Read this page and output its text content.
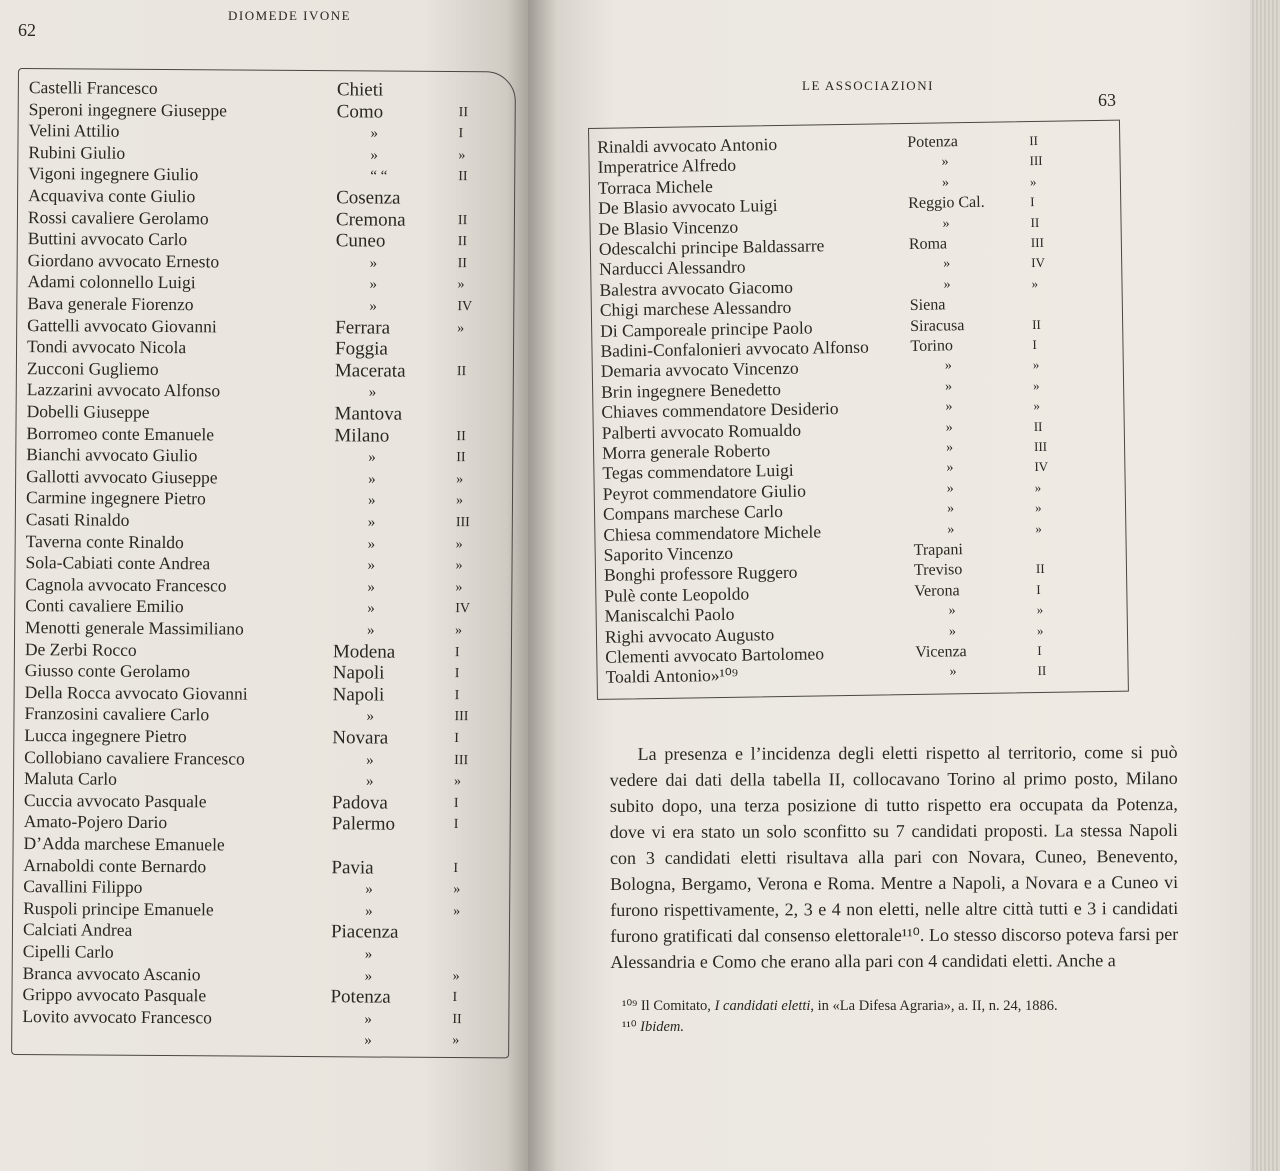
62
DIOMEDE IVONE
Castelli Francesco	Chieti
Speroni ingegnere Giuseppe	Como	II
Velini Attilio	»	I
Rubini Giulio	»	»
Vigoni ingegnere Giulio	“ “	II
Acquaviva conte Giulio	Cosenza
Rossi cavaliere Gerolamo	Cremona	II
Buttini avvocato Carlo	Cuneo	II
Giordano avvocato Ernesto	»	II
Adami colonnello Luigi	»	»
Bava generale Fiorenzo	»	IV
Gattelli avvocato Giovanni	Ferrara	»
Tondi avvocato Nicola	Foggia
Zucconi Gugliemo	Macerata	II
Lazzarini avvocato Alfonso	»
Dobelli Giuseppe	Mantova
Borromeo conte Emanuele	Milano	II
Bianchi avvocato Giulio	»	II
Gallotti avvocato Giuseppe	»	»
Carmine ingegnere Pietro	»	»
Casati Rinaldo	»	III
Taverna conte Rinaldo	»	»
Sola-Cabiati conte Andrea	»	»
Cagnola avvocato Francesco	»	»
Conti cavaliere Emilio	»	IV
Menotti generale Massimiliano	»	»
De Zerbi Rocco	Modena	I
Giusso conte Gerolamo	Napoli	I
Della Rocca avvocato Giovanni	Napoli	I
Franzosini cavaliere Carlo	»	III
Lucca ingegnere Pietro	Novara	I
Collobiano cavaliere Francesco	»	III
Maluta Carlo	»	»
Cuccia avvocato Pasquale	Padova	I
Amato-Pojero Dario	Palermo	I
D’Adda marchese Emanuele
Arnaboldi conte Bernardo	Pavia	I
Cavallini Filippo	»	»
Ruspoli principe Emanuele	»	»
Calciati Andrea	Piacenza
Cipelli Carlo	»
Branca avvocato Ascanio	»	»
Grippo avvocato Pasquale	Potenza	I
Lovito avvocato Francesco	»	II
»	»
LE ASSOCIAZIONI
63
Rinaldi avvocato Antonio	Potenza	II
Imperatrice Alfredo	»	III
Torraca Michele	»	»
De Blasio avvocato Luigi	Reggio Cal.	I
De Blasio Vincenzo	»	II
Odescalchi principe Baldassarre	Roma	III
Narducci Alessandro	»	IV
Balestra avvocato Giacomo	»	»
Chigi marchese Alessandro	Siena
Di Camporeale principe Paolo	Siracusa	II
Badini-Confalonieri avvocato Alfonso	Torino	I
Demaria avvocato Vincenzo	»	»
Brin ingegnere Benedetto	»	»
Chiaves commendatore Desiderio	»	»
Palberti avvocato Romualdo	»	II
Morra generale Roberto	»	III
Tegas commendatore Luigi	»	IV
Peyrot commendatore Giulio	»	»
Compans marchese Carlo	»	»
Chiesa commendatore Michele	»	»
Saporito Vincenzo	Trapani
Bonghi professore Ruggero	Treviso	II
Pulè conte Leopoldo	Verona	I
Maniscalchi Paolo	»	»
Righi avvocato Augusto	»	»
Clementi avvocato Bartolomeo	Vicenza	I
Toaldi Antonio»¹⁰⁹	»	II

La presenza e l’incidenza degli eletti rispetto al territorio, come si può vedere dai dati della tabella II, collocavano Torino al primo posto, Milano subito dopo, una terza posizione di tutto rispetto era occupata da Potenza, dove vi era stato un solo sconfitto su 7 candidati proposti. La stessa Napoli con 3 candidati eletti risultava alla pari con Novara, Cuneo, Benevento, Bologna, Bergamo, Verona e Roma. Mentre a Napoli, a Novara e a Cuneo vi furono rispettivamente, 2, 3 e 4 non eletti, nelle altre città tutti e 3 i candidati furono gratificati dal consenso elettorale¹¹⁰. Lo stesso discorso poteva farsi per Alessandria e Como che erano alla pari con 4 candidati eletti. Anche a

¹⁰⁹ Il Comitato, I candidati eletti, in «La Difesa Agraria», a. II, n. 24, 1886.
¹¹⁰ Ibidem.
